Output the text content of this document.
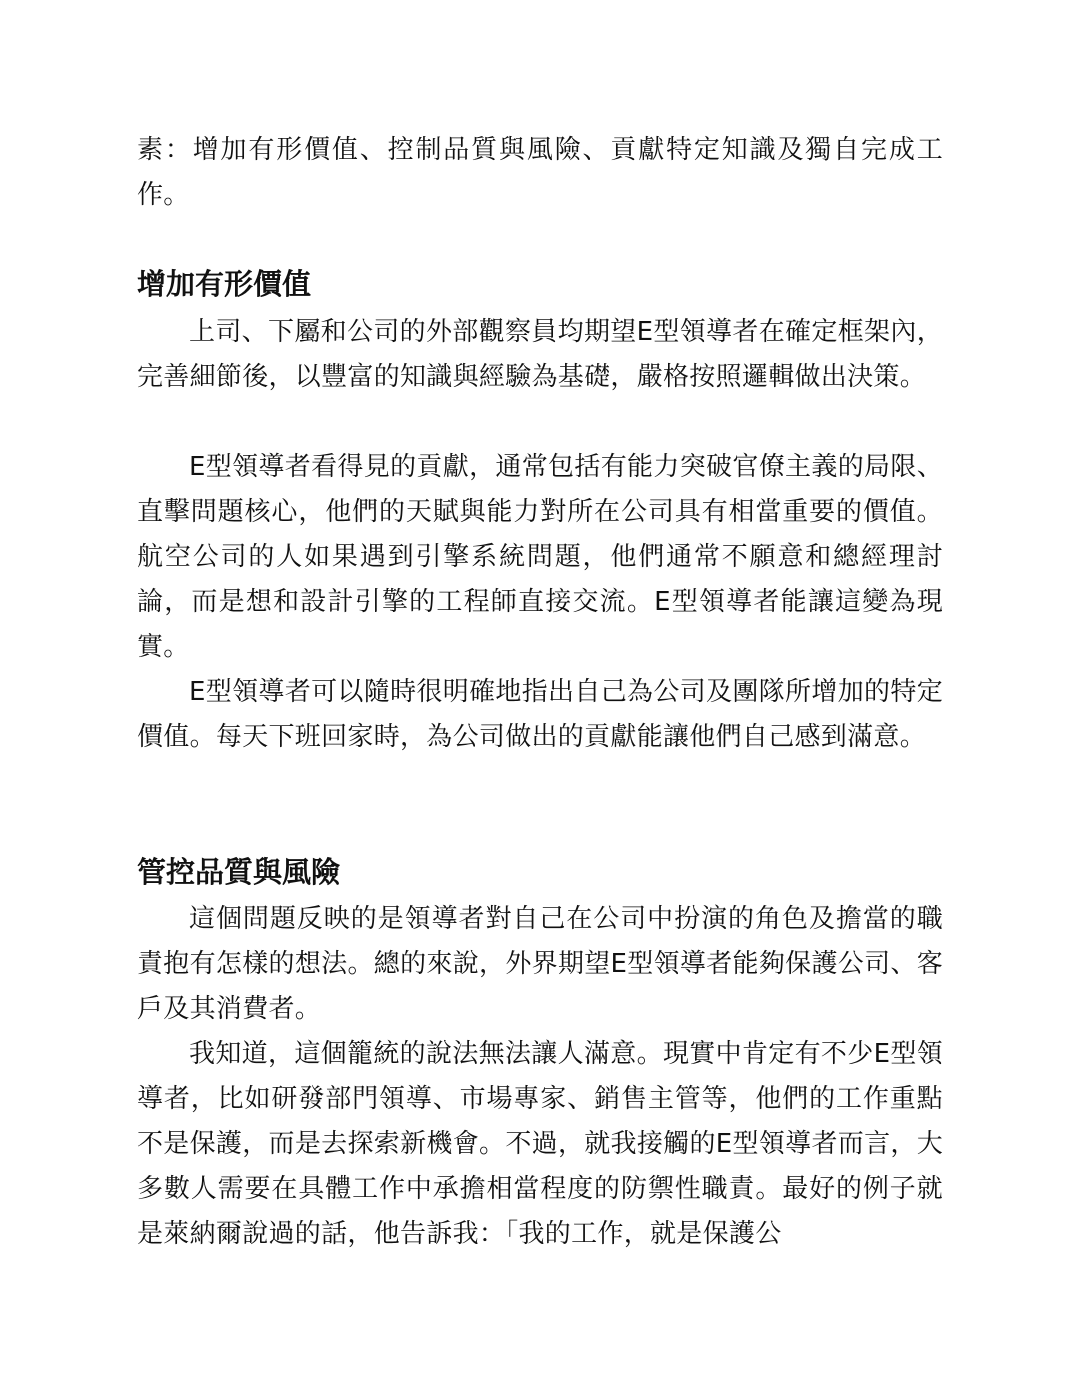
素：增加有形價值、控制品質與風險、貢獻特定知識及獨自完成工作。

增加有形價值

上司、下屬和公司的外部觀察員均期望E型領導者在確定框架內，完善細節後，以豐富的知識與經驗為基礎，嚴格按照邏輯做出決策。

E型領導者看得見的貢獻，通常包括有能力突破官僚主義的局限、直擊問題核心，他們的天賦與能力對所在公司具有相當重要的價值。航空公司的人如果遇到引擎系統問題，他們通常不願意和總經理討論，而是想和設計引擎的工程師直接交流。E型領導者能讓這變為現實。

E型領導者可以隨時很明確地指出自己為公司及團隊所增加的特定價值。每天下班回家時，為公司做出的貢獻能讓他們自己感到滿意。

管控品質與風險

這個問題反映的是領導者對自己在公司中扮演的角色及擔當的職責抱有怎樣的想法。總的來說，外界期望E型領導者能夠保護公司、客戶及其消費者。

我知道，這個籠統的說法無法讓人滿意。現實中肯定有不少E型領導者，比如研發部門領導、市場專家、銷售主管等，他們的工作重點不是保護，而是去探索新機會。不過，就我接觸的E型領導者而言，大多數人需要在具體工作中承擔相當程度的防禦性職責。最好的例子就是萊納爾說過的話，他告訴我：「我的工作，就是保護公
